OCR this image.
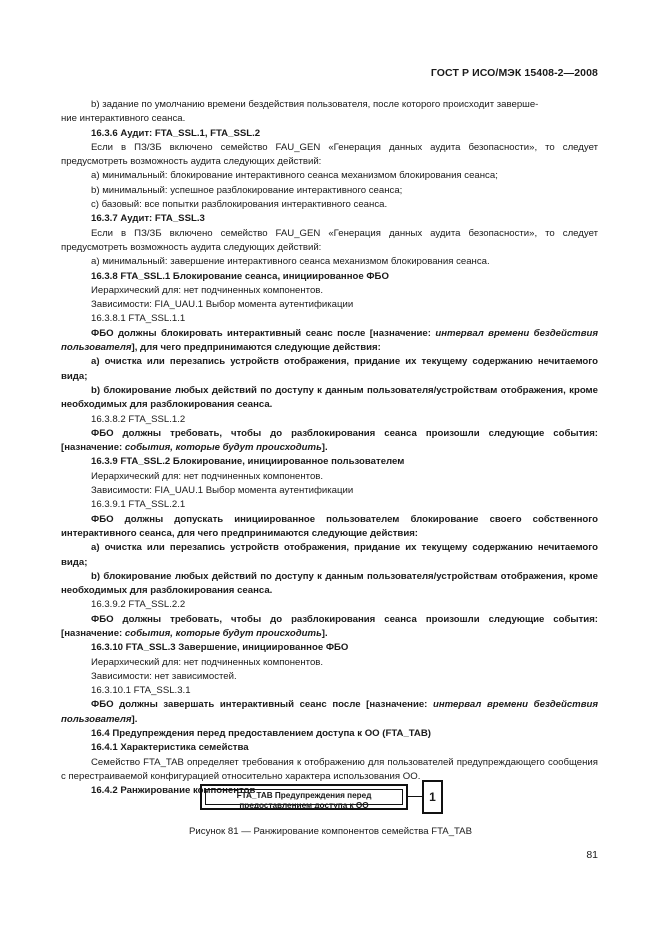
ГОСТ Р ИСО/МЭК 15408-2—2008

b) задание по умолчанию времени бездействия пользователя, после которого происходит заверше-
ние интерактивного сеанса.

16.3.6 Аудит: FTA_SSL.1, FTA_SSL.2

Если в ПЗ/ЗБ включено семейство FAU_GEN «Генерация данных аудита безопасности», то следует предусмотреть возможность аудита следующих действий:

а) минимальный: блокирование интерактивного сеанса механизмом блокирования сеанса;

b) минимальный: успешное разблокирование интерактивного сеанса;

с) базовый: все попытки разблокирования интерактивного сеанса.

16.3.7 Аудит: FTA_SSL.3

Если в ПЗ/ЗБ включено семейство FAU_GEN «Генерация данных аудита безопасности», то следует предусмотреть возможность аудита следующих действий:

а) минимальный: завершение интерактивного сеанса механизмом блокирования сеанса.

16.3.8 FTA_SSL.1 Блокирование сеанса, инициированное ФБО

Иерархический для: нет подчиненных компонентов.

Зависимости: FIA_UAU.1 Выбор момента аутентификации

16.3.8.1 FTA_SSL.1.1

ФБО должны блокировать интерактивный сеанс после [назначение: интервал времени бездействия пользователя], для чего предпринимаются следующие действия:

а) очистка или перезапись устройств отображения, придание их текущему содержанию нечитаемого вида;

b) блокирование любых действий по доступу к данным пользователя/устройствам отображения, кроме необходимых для разблокирования сеанса.

16.3.8.2 FTA_SSL.1.2

ФБО должны требовать, чтобы до разблокирования сеанса произошли следующие события: [назначение: события, которые будут происходить].

16.3.9 FTA_SSL.2 Блокирование, инициированное пользователем

Иерархический для: нет подчиненных компонентов.

Зависимости: FIA_UAU.1 Выбор момента аутентификации

16.3.9.1 FTA_SSL.2.1

ФБО должны допускать инициированное пользователем блокирование своего собственного интерактивного сеанса, для чего предпринимаются следующие действия:

а) очистка или перезапись устройств отображения, придание их текущему содержанию нечитаемого вида;

b) блокирование любых действий по доступу к данным пользователя/устройствам отображения, кроме необходимых для разблокирования сеанса.

16.3.9.2 FTA_SSL.2.2

ФБО должны требовать, чтобы до разблокирования сеанса произошли следующие события: [назначение: события, которые будут происходить].

16.3.10 FTA_SSL.3 Завершение, инициированное ФБО

Иерархический для: нет подчиненных компонентов.

Зависимости: нет зависимостей.

16.3.10.1 FTA_SSL.3.1

ФБО должны завершать интерактивный сеанс после [назначение: интервал времени бездействия пользователя].

16.4 Предупреждения перед предоставлением доступа к ОО (FTA_TAB)

16.4.1 Характеристика семейства

Семейство FTA_TAB определяет требования к отображению для пользователей предупреждающего сообщения с перестраиваемой конфигурацией относительно характера использования ОО.

16.4.2 Ранжирование компонентов

FTA_TAB Предупреждения перед
предоставлением доступа к ОО
1
Рисунок 81 — Ранжирование компонентов семейства FTA_TAB
81
